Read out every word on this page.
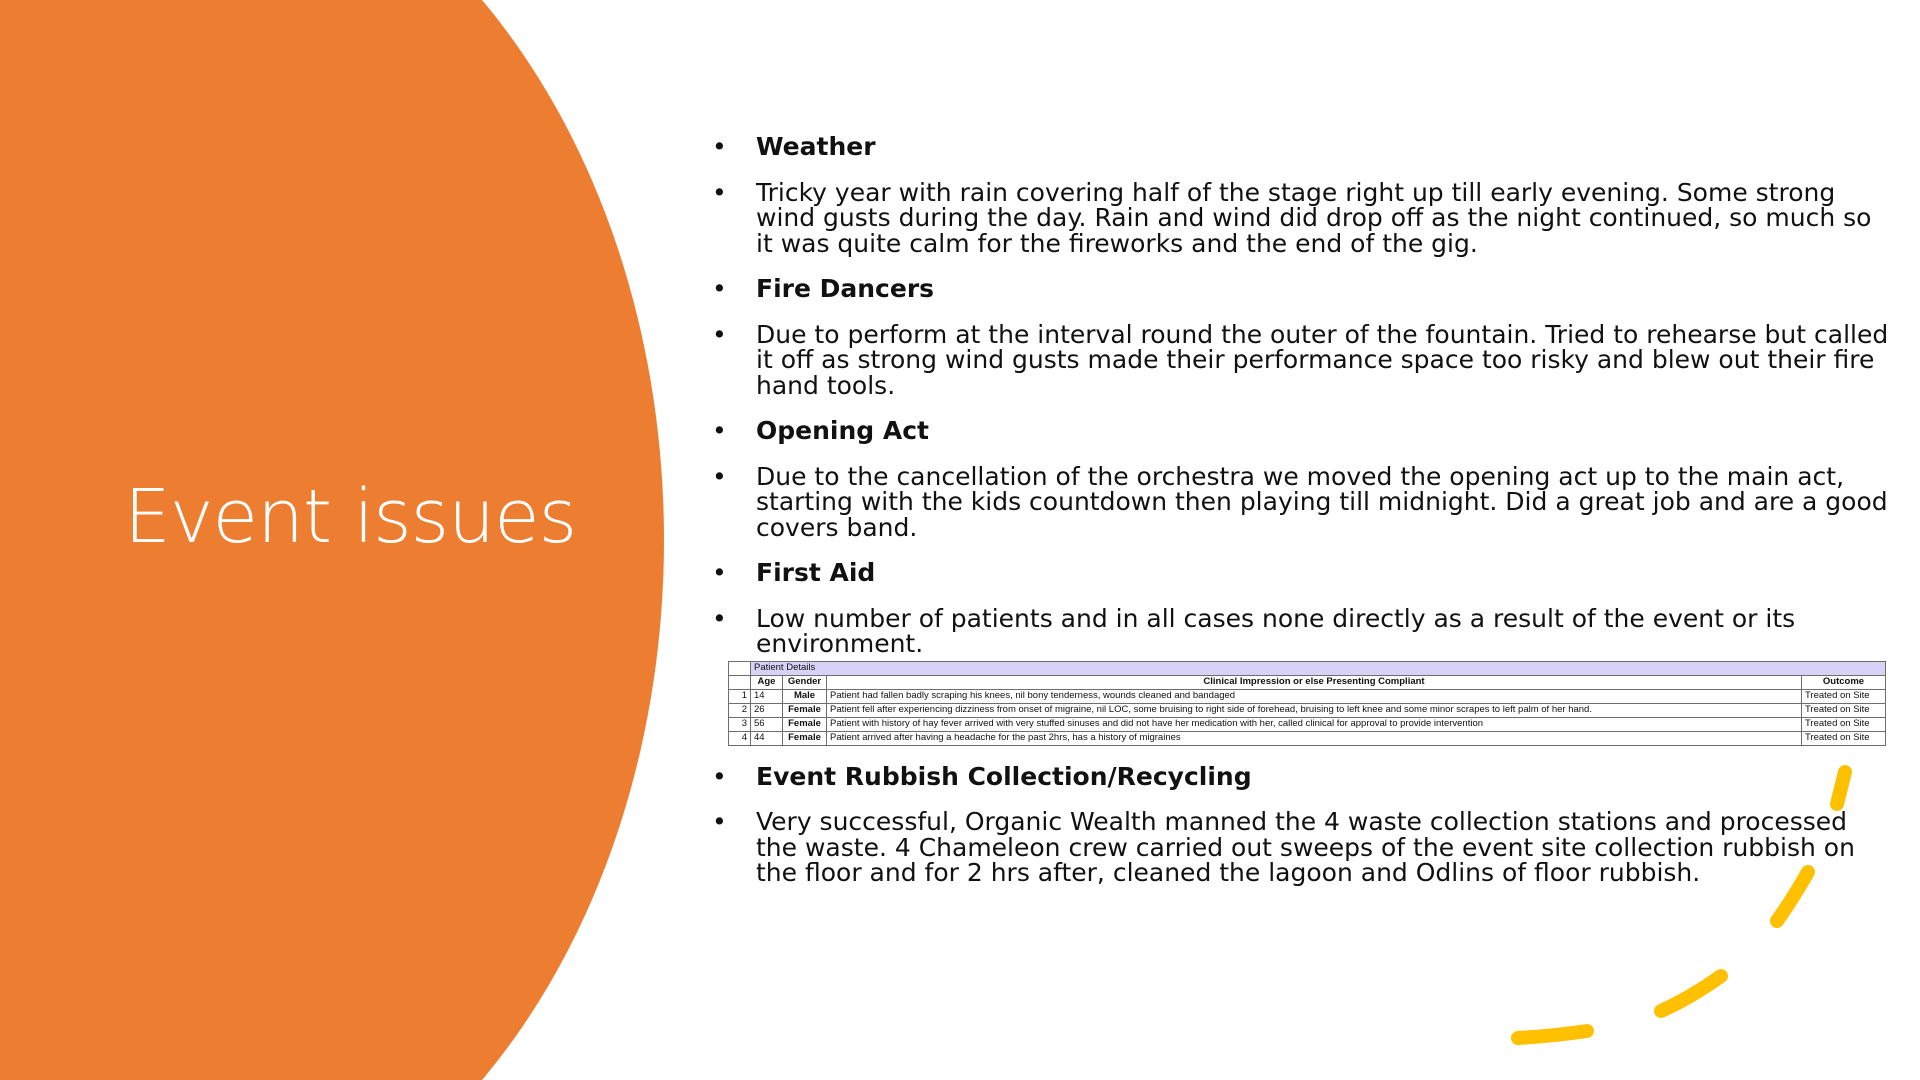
Event issues
• Weather
• Tricky year with rain covering half of the stage right up till early evening. Some strong wind gusts during the day. Rain and wind did drop off as the night continued, so much so it was quite calm for the fireworks and the end of the gig.
• Fire Dancers
• Due to perform at the interval round the outer of the fountain. Tried to rehearse but called it off as strong wind gusts made their performance space too risky and blew out their fire hand tools.
• Opening Act
• Due to the cancellation of the orchestra we moved the opening act up to the main act, starting with the kids countdown then playing till midnight. Did a great job and are a good covers band.
• First Aid
• Low number of patients and in all cases none directly as a result of the event or its environment.
	Patient Details			
	Age	Gender	Clinical Impression or else Presenting Compliant	Outcome
1	14	Male	Patient had fallen badly scraping his knees, nil bony tenderness, wounds cleaned and bandaged	Treated on Site
2	26	Female	Patient fell after experiencing dizziness from onset of migraine, nil LOC, some bruising to right side of forehead, bruising to left knee and some minor scrapes to left palm of her hand.	Treated on Site
3	56	Female	Patient with history of hay fever arrived with very stuffed sinuses and did not have her medication with her, called clinical for approval to provide intervention	Treated on Site
4	44	Female	Patient arrived after having a headache for the past 2hrs, has a history of migraines	Treated on Site
• Event Rubbish Collection/Recycling
• Very successful, Organic Wealth manned the 4 waste collection stations and processed the waste. 4 Chameleon crew carried out sweeps of the event site collection rubbish on the floor and for 2 hrs after, cleaned the lagoon and Odlins of floor rubbish.
